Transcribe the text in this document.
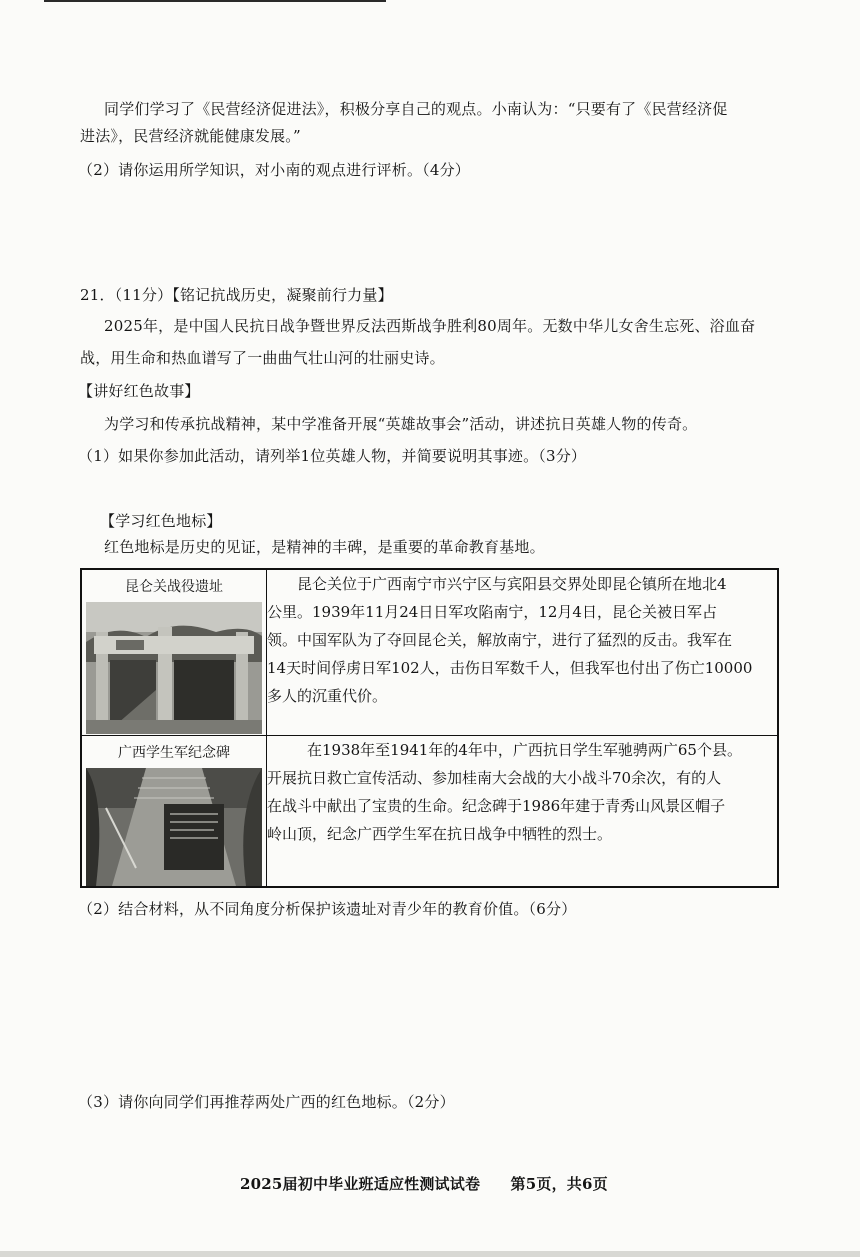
同学们学习了《民营经济促进法》，积极分享自己的观点。小南认为：“只要有了《民营经济促
进法》，民营经济就能健康发展。”
（2）请你运用所学知识，对小南的观点进行评析。（4分）
21．（11分）【铭记抗战历史，凝聚前行力量】
2025年，是中国人民抗日战争暨世界反法西斯战争胜利80周年。无数中华儿女舍生忘死、浴血奋
战，用生命和热血谱写了一曲曲气壮山河的壮丽史诗。
【讲好红色故事】
为学习和传承抗战精神，某中学准备开展“英雄故事会”活动，讲述抗日英雄人物的传奇。
（1）如果你参加此活动，请列举1位英雄人物，并简要说明其事迹。（3分）
【学习红色地标】
红色地标是历史的见证，是精神的丰碑，是重要的革命教育基地。
昆仑关战役遗址	昆仑关位于广西南宁市兴宁区与宾阳县交界处即昆仑镇所在地北4
公里。1939年11月24日日军攻陷南宁，12月4日，昆仑关被日军占
领。中国军队为了夺回昆仑关，解放南宁，进行了猛烈的反击。我军在
14天时间俘虏日军102人，击伤日军数千人，但我军也付出了伤亡10000
多人的沉重代价。

广西学生军纪念碑	在1938年至1941年的4年中，广西抗日学生军驰骋两广65个县。
开展抗日救亡宣传活动、参加桂南大会战的大小战斗70余次，有的人
在战斗中献出了宝贵的生命。纪念碑于1986年建于青秀山风景区帽子
岭山顶，纪念广西学生军在抗日战争中牺牲的烈士。
（2）结合材料，从不同角度分析保护该遗址对青少年的教育价值。（6分）
（3）请你向同学们再推荐两处广西的红色地标。（2分）
2025届初中毕业班适应性测试试卷　　第5页，共6页
